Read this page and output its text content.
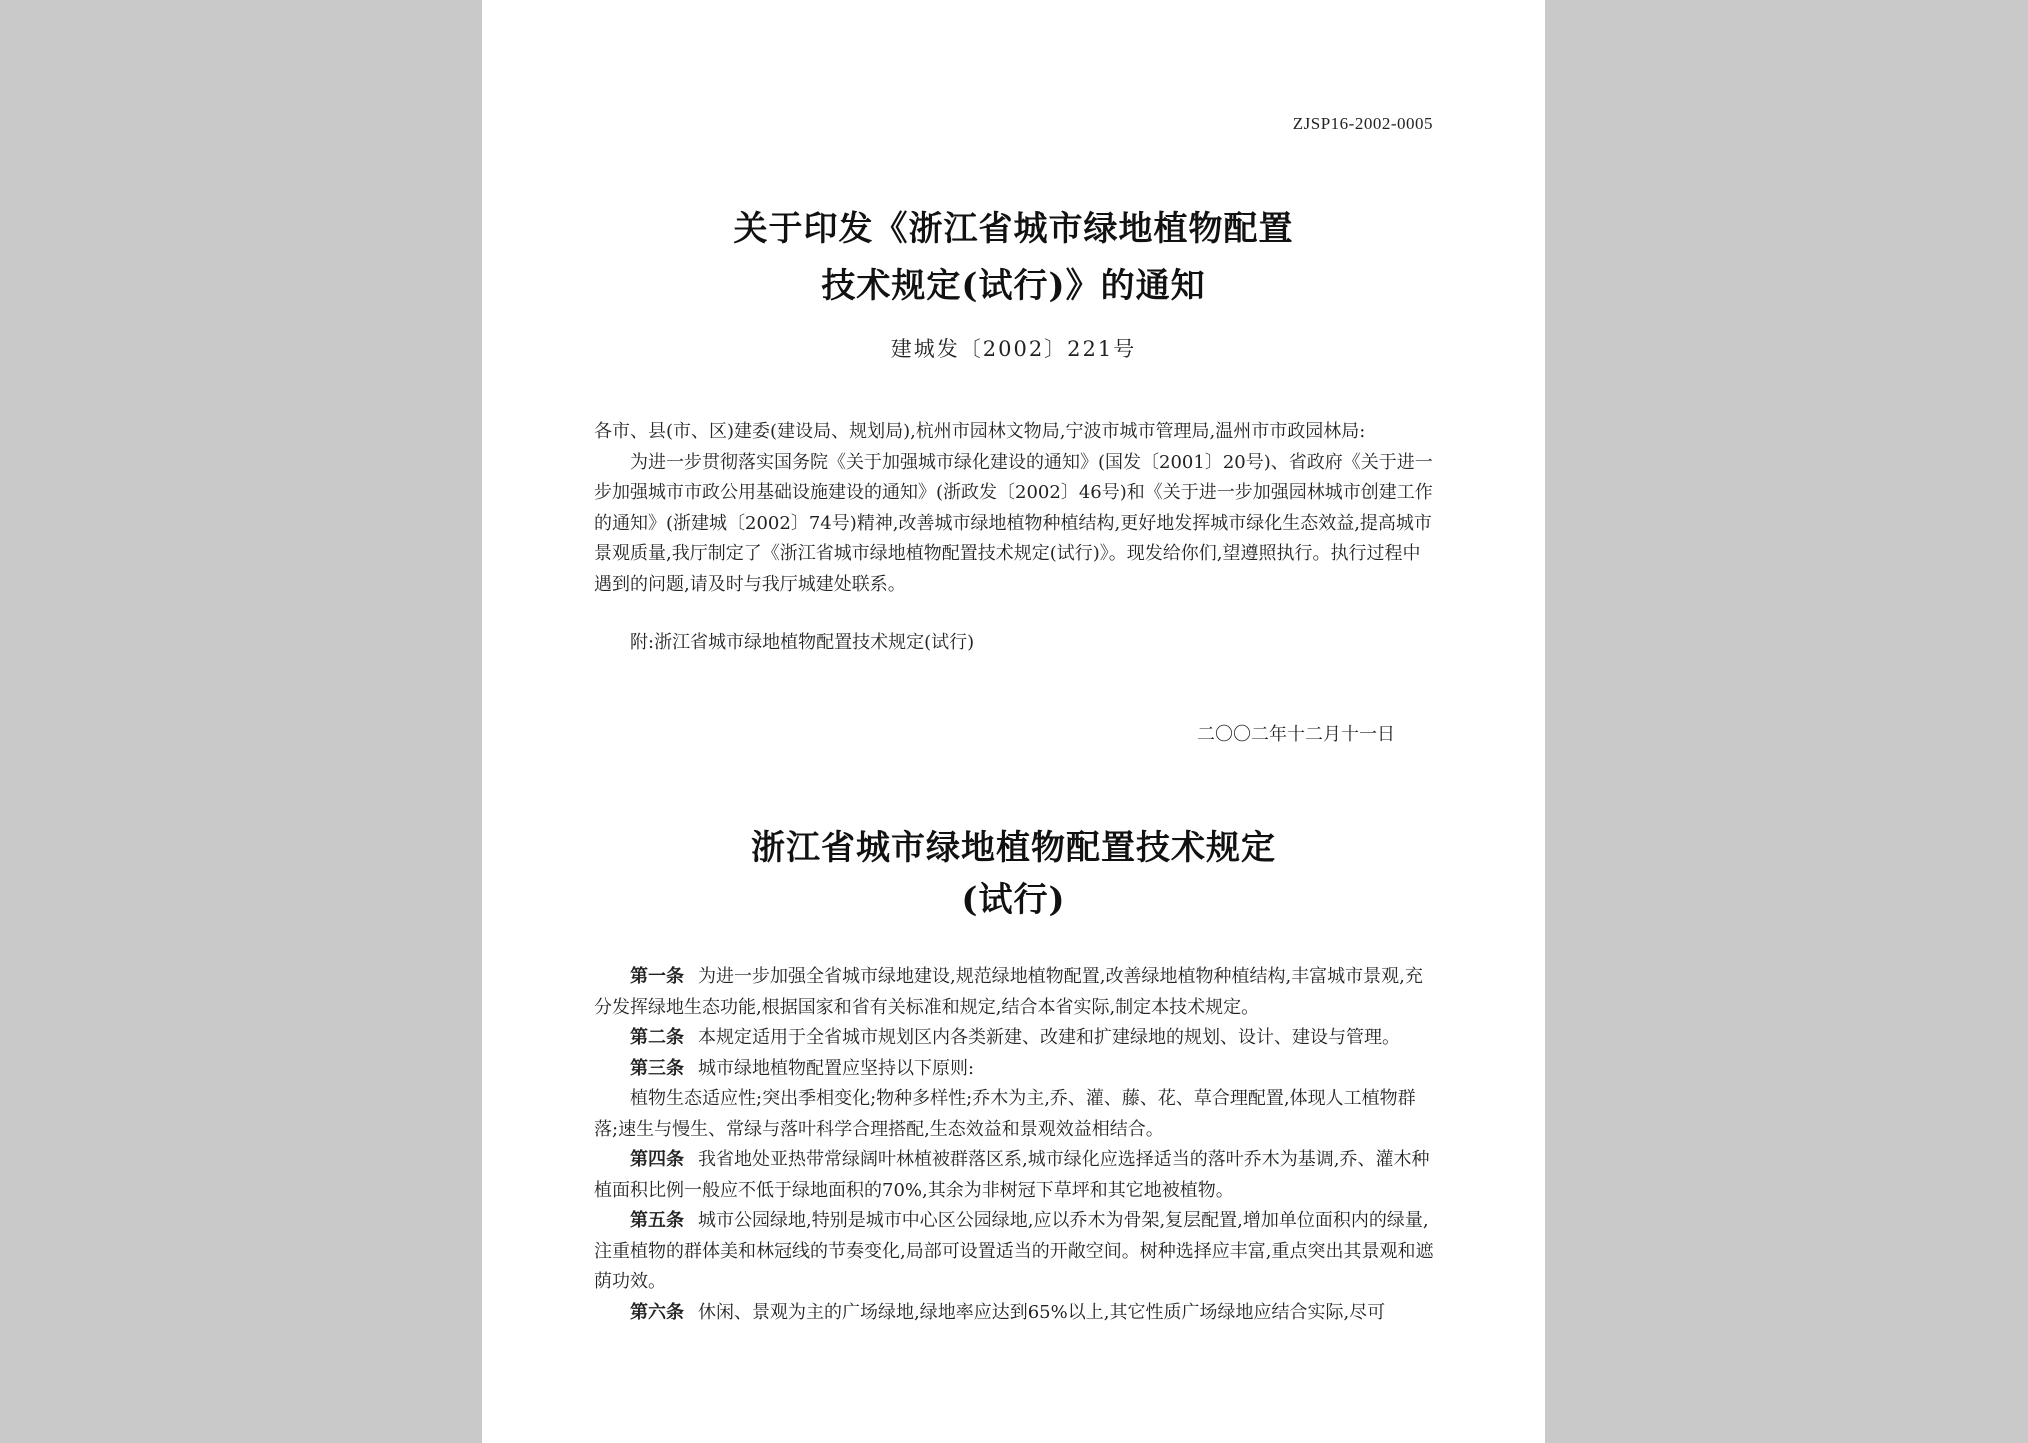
ZJSP16-2002-0005
关于印发《浙江省城市绿地植物配置
技术规定(试行)》的通知
建城发〔2002〕221号

各市、县(市、区)建委(建设局、规划局),杭州市园林文物局,宁波市城市管理局,温州市市政园林局:

为进一步贯彻落实国务院《关于加强城市绿化建设的通知》(国发〔2001〕20号)、省政府《关于进一步加强城市市政公用基础设施建设的通知》(浙政发〔2002〕46号)和《关于进一步加强园林城市创建工作的通知》(浙建城〔2002〕74号)精神,改善城市绿地植物种植结构,更好地发挥城市绿化生态效益,提高城市景观质量,我厅制定了《浙江省城市绿地植物配置技术规定(试行)》。现发给你们,望遵照执行。执行过程中遇到的问题,请及时与我厅城建处联系。

附:浙江省城市绿地植物配置技术规定(试行)
二〇〇二年十二月十一日
浙江省城市绿地植物配置技术规定
(试行)

第一条 为进一步加强全省城市绿地建设,规范绿地植物配置,改善绿地植物种植结构,丰富城市景观,充分发挥绿地生态功能,根据国家和省有关标准和规定,结合本省实际,制定本技术规定。

第二条 本规定适用于全省城市规划区内各类新建、改建和扩建绿地的规划、设计、建设与管理。

第三条 城市绿地植物配置应坚持以下原则:

植物生态适应性;突出季相变化;物种多样性;乔木为主,乔、灌、藤、花、草合理配置,体现人工植物群落;速生与慢生、常绿与落叶科学合理搭配,生态效益和景观效益相结合。

第四条 我省地处亚热带常绿阔叶林植被群落区系,城市绿化应选择适当的落叶乔木为基调,乔、灌木种植面积比例一般应不低于绿地面积的70%,其余为非树冠下草坪和其它地被植物。

第五条 城市公园绿地,特别是城市中心区公园绿地,应以乔木为骨架,复层配置,增加单位面积内的绿量,注重植物的群体美和林冠线的节奏变化,局部可设置适当的开敞空间。树种选择应丰富,重点突出其景观和遮荫功效。

第六条 休闲、景观为主的广场绿地,绿地率应达到65%以上,其它性质广场绿地应结合实际,尽可
